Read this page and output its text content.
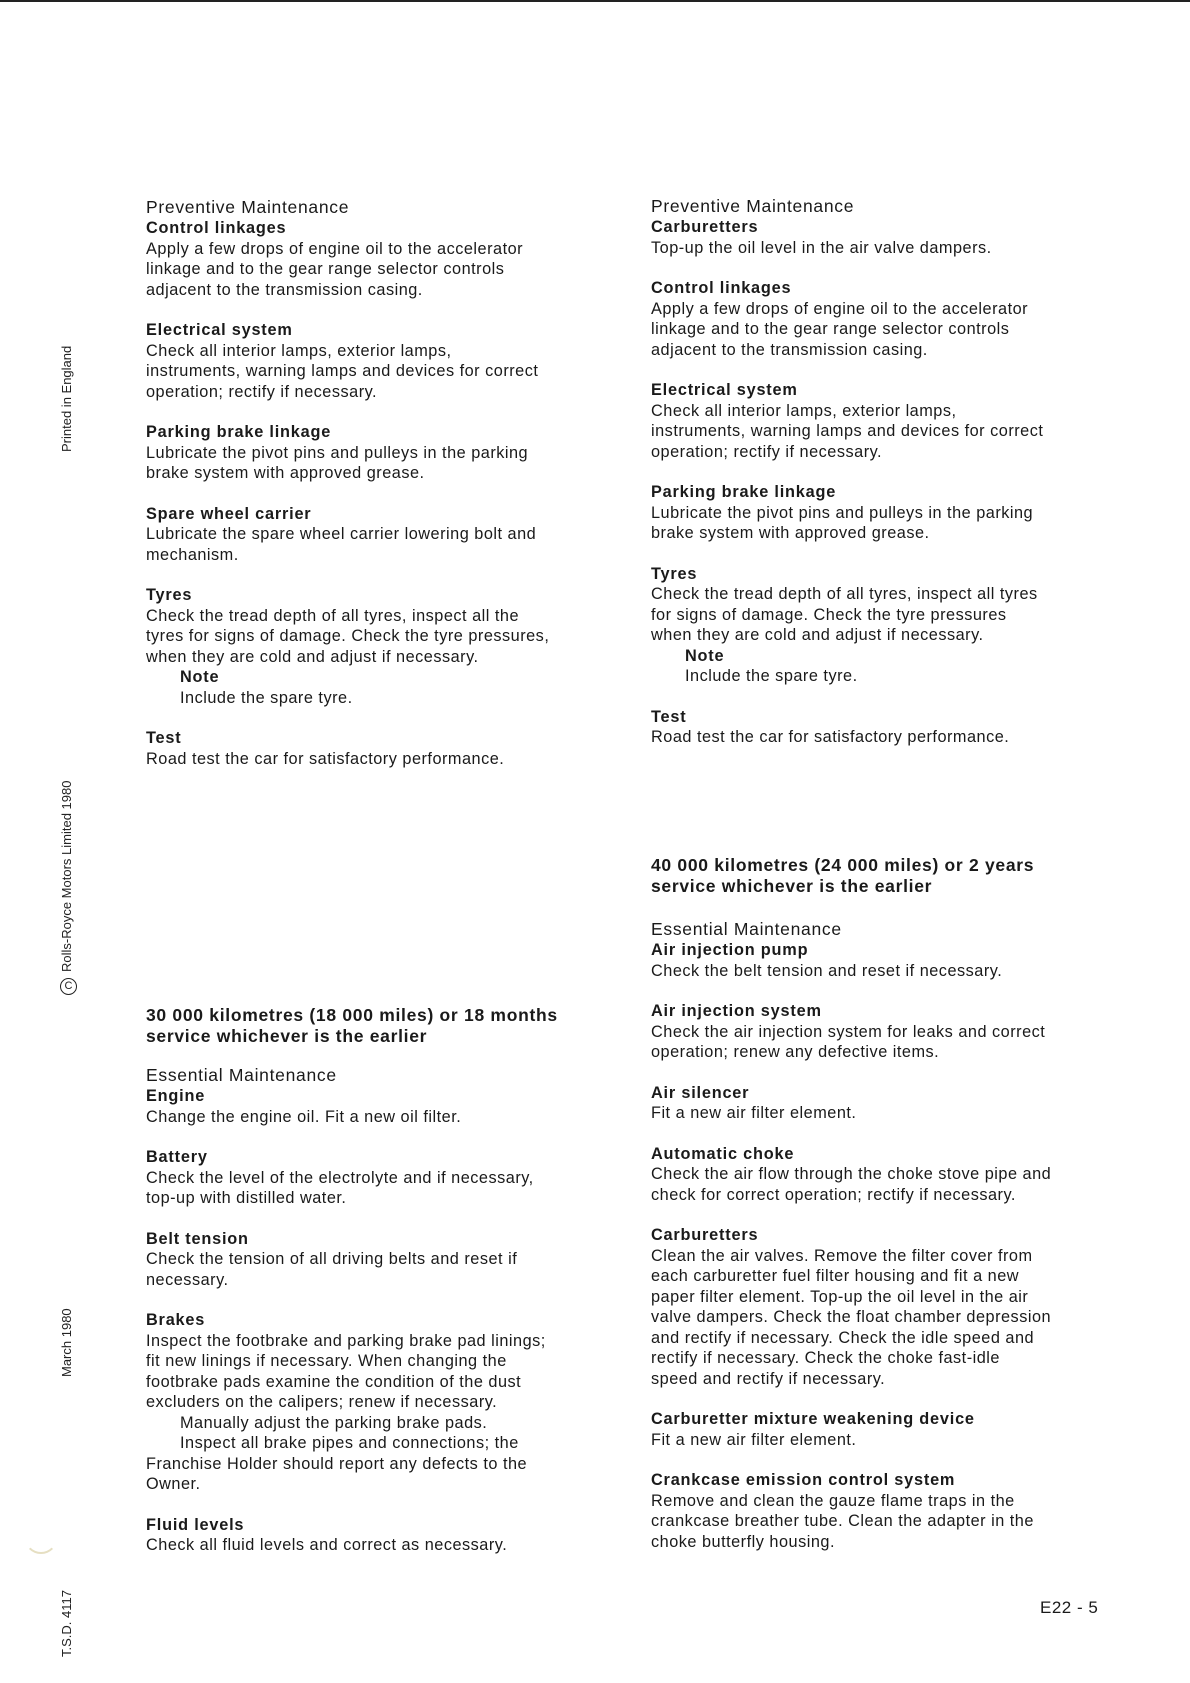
Printed in England
CRolls-Royce Motors Limited 1980
March 1980
T.S.D. 4117
Preventive Maintenance
Control linkages
Apply a few drops of engine oil to the accelerator
linkage and to the gear range selector controls
adjacent to the transmission casing.
Electrical system
Check all interior lamps, exterior lamps,
instruments, warning lamps and devices for correct
operation; rectify if necessary.
Parking brake linkage
Lubricate the pivot pins and pulleys in the parking
brake system with approved grease.
Spare wheel carrier
Lubricate the spare wheel carrier lowering bolt and
mechanism.
Tyres
Check the tread depth of all tyres, inspect all the
tyres for signs of damage. Check the tyre pressures,
when they are cold and adjust if necessary.
Note
Include the spare tyre.
Test
Road test the car for satisfactory performance.
30 000 kilometres (18 000 miles) or 18 months
service whichever is the earlier
Essential Maintenance
Engine
Change the engine oil. Fit a new oil filter.
Battery
Check the level of the electrolyte and if necessary,
top-up with distilled water.
Belt tension
Check the tension of all driving belts and reset if
necessary.
Brakes
Inspect the footbrake and parking brake pad linings;
fit new linings if necessary. When changing the
footbrake pads examine the condition of the dust
excluders on the calipers; renew if necessary.
Manually adjust the parking brake pads.
Inspect all brake pipes and connections; the
Franchise Holder should report any defects to the
Owner.
Fluid levels
Check all fluid levels and correct as necessary.
Preventive Maintenance
Carburetters
Top-up the oil level in the air valve dampers.
Control linkages
Apply a few drops of engine oil to the accelerator
linkage and to the gear range selector controls
adjacent to the transmission casing.
Electrical system
Check all interior lamps, exterior lamps,
instruments, warning lamps and devices for correct
operation; rectify if necessary.
Parking brake linkage
Lubricate the pivot pins and pulleys in the parking
brake system with approved grease.
Tyres
Check the tread depth of all tyres, inspect all tyres
for signs of damage. Check the tyre pressures
when they are cold and adjust if necessary.
Note
Include the spare tyre.
Test
Road test the car for satisfactory performance.
40 000 kilometres (24 000 miles) or 2 years
service whichever is the earlier
Essential Maintenance
Air injection pump
Check the belt tension and reset if necessary.
Air injection system
Check the air injection system for leaks and correct
operation; renew any defective items.
Air silencer
Fit a new air filter element.
Automatic choke
Check the air flow through the choke stove pipe and
check for correct operation; rectify if necessary.
Carburetters
Clean the air valves. Remove the filter cover from
each carburetter fuel filter housing and fit a new
paper filter element. Top-up the oil level in the air
valve dampers. Check the float chamber depression
and rectify if necessary. Check the idle speed and
rectify if necessary. Check the choke fast-idle
speed and rectify if necessary.
Carburetter mixture weakening device
Fit a new air filter element.
Crankcase emission control system
Remove and clean the gauze flame traps in the
crankcase breather tube. Clean the adapter in the
choke butterfly housing.
E22 - 5
